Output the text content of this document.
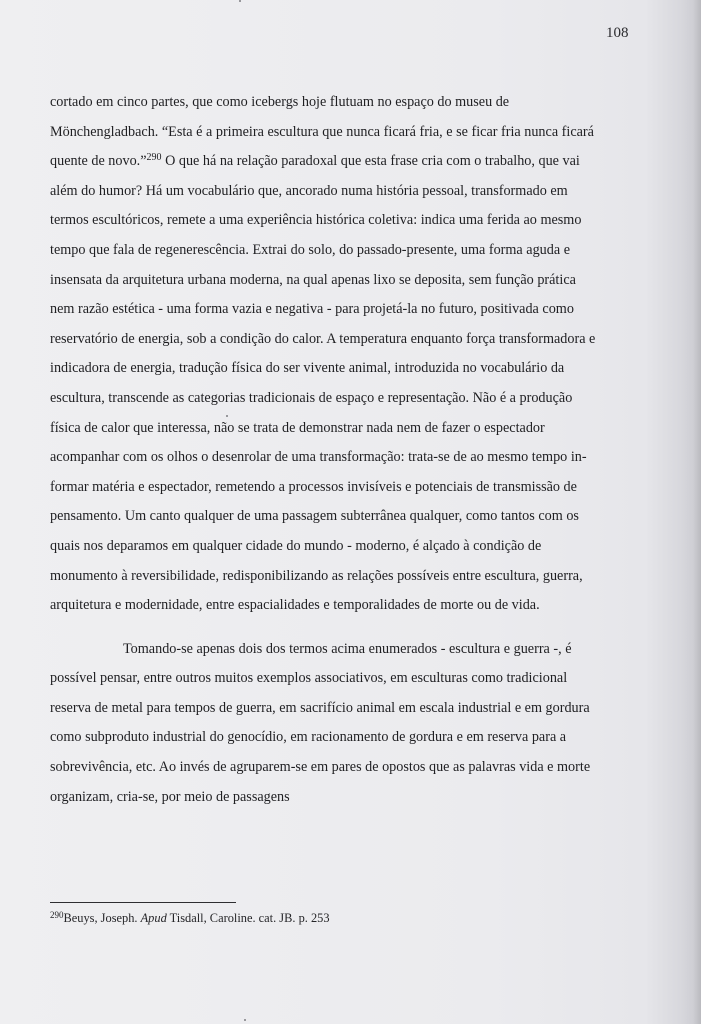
108

cortado em cinco partes, que como icebergs hoje flutuam no espaço do museu de Mönchengladbach. “Esta é a primeira escultura que nunca ficará fria, e se ficar fria nunca ficará quente de novo.”$^{290}$ O que há na relação paradoxal que esta frase cria com o trabalho, que vai além do humor? Há um vocabulário que, ancorado numa história pessoal, transformado em termos escultóricos, remete a uma experiência histórica coletiva: indica uma ferida ao mesmo tempo que fala de regenerescência. Extrai do solo, do passado-presente, uma forma aguda e insensata da arquitetura urbana moderna, na qual apenas lixo se deposita, sem função prática nem razão estética - uma forma vazia e negativa - para projetá-la no futuro, positivada como reservatório de energia, sob a condição do calor. A temperatura enquanto força transformadora e indicadora de energia, tradução física do ser vivente animal, introduzida no vocabulário da escultura, transcende as categorias tradicionais de espaço e representação. Não é a produção física de calor que interessa, não se trata de demonstrar nada nem de fazer o espectador acompanhar com os olhos o desenrolar de uma transformação: trata-se de ao mesmo tempo in-formar matéria e espectador, remetendo a processos invisíveis e potenciais de transmissão de pensamento. Um canto qualquer de uma passagem subterrânea qualquer, como tantos com os quais nos deparamos em qualquer cidade do mundo - moderno, é alçado à condição de monumento à reversibilidade, redisponibilizando as relações possíveis entre escultura, guerra, arquitetura e modernidade, entre espacialidades e temporalidades de morte ou de vida.

Tomando-se apenas dois dos termos acima enumerados - escultura e guerra -, é possível pensar, entre outros muitos exemplos associativos, em esculturas como tradicional reserva de metal para tempos de guerra, em sacrifício animal em escala industrial e em gordura como subproduto industrial do genocídio, em racionamento de gordura e em reserva para a sobrevivência, etc. Ao invés de agruparem-se em pares de opostos que as palavras vida e morte organizam, cria-se, por meio de passagens

$^{290}$Beuys, Joseph. Apud Tisdall, Caroline. cat. JB. p. 253
